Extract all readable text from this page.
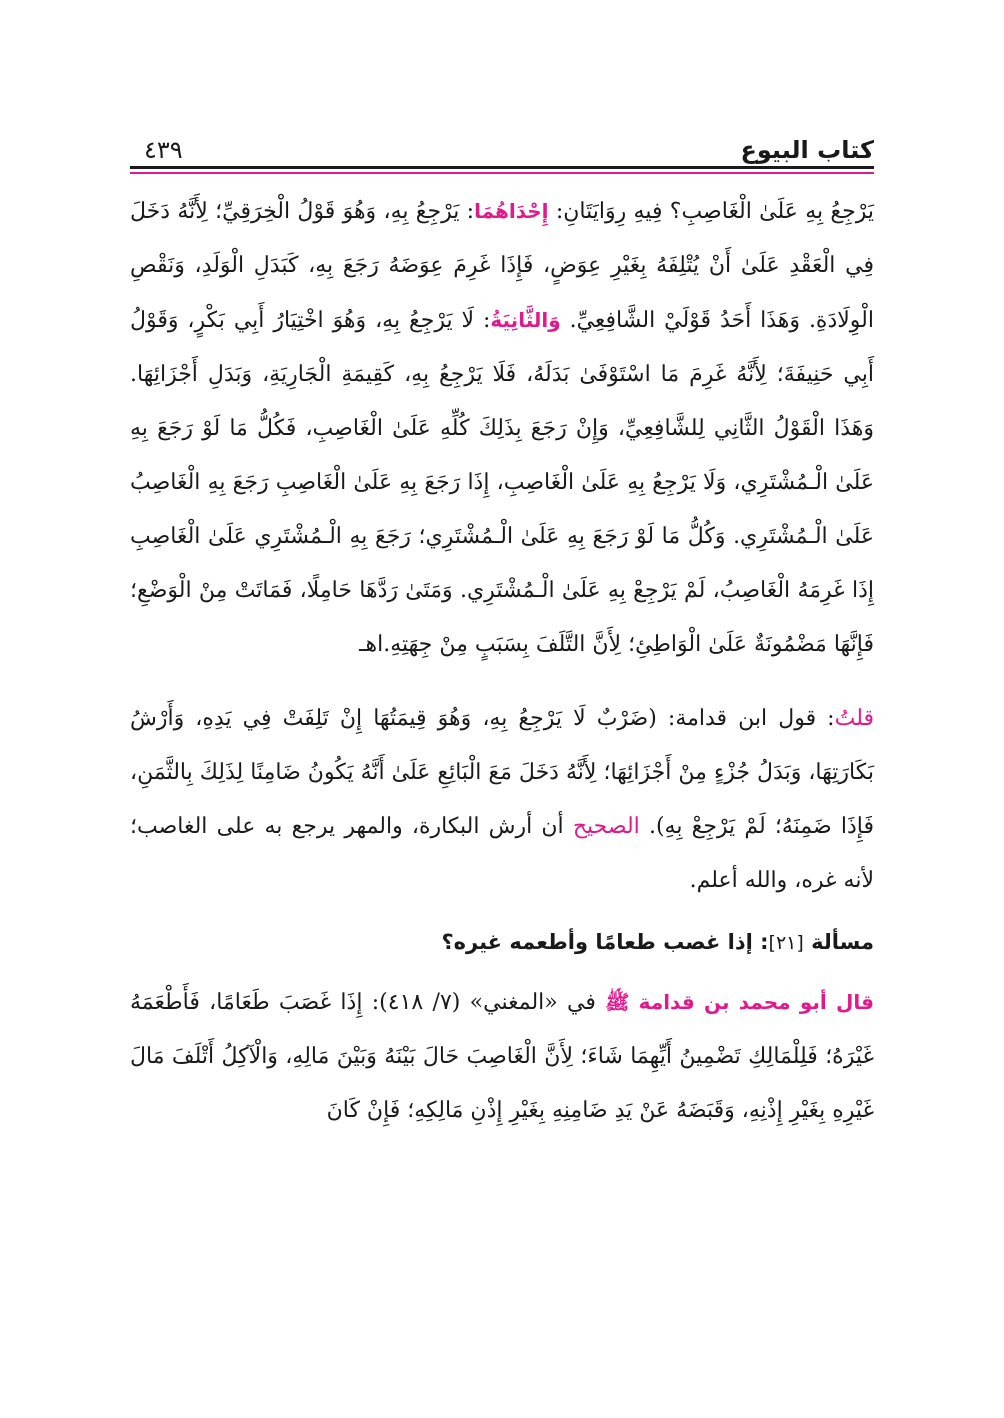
كتاب البيوع
٤٣٩

يَرْجِعُ بِهِ عَلَىٰ الْغَاصِبِ؟ فِيهِ رِوَايَتَانِ: إِحْدَاهُمَا: يَرْجِعُ بِهِ، وَهُوَ قَوْلُ الْخِرَقِيِّ؛ لِأَنَّهُ دَخَلَ فِي الْعَقْدِ عَلَىٰ أَنْ يُتْلِفَهُ بِغَيْرِ عِوَضٍ، فَإِذَا غَرِمَ عِوَضَهُ رَجَعَ بِهِ، كَبَدَلِ الْوَلَدِ، وَنَقْصِ الْوِلَادَةِ. وَهَذَا أَحَدُ قَوْلَيْ الشَّافِعِيِّ. وَالثَّانِيَةُ: لَا يَرْجِعُ بِهِ، وَهُوَ اخْتِيَارُ أَبِي بَكْرٍ، وَقَوْلُ أَبِي حَنِيفَةَ؛ لِأَنَّهُ غَرِمَ مَا اسْتَوْفَىٰ بَدَلَهُ، فَلَا يَرْجِعُ بِهِ، كَقِيمَةِ الْجَارِيَةِ، وَبَدَلِ أَجْزَائِهَا. وَهَذَا الْقَوْلُ الثَّانِي لِلشَّافِعِيِّ، وَإِنْ رَجَعَ بِذَلِكَ كُلِّهِ عَلَىٰ الْغَاصِبِ، فَكُلُّ مَا لَوْ رَجَعَ بِهِ عَلَىٰ الْـمُشْتَرِي، وَلَا يَرْجِعُ بِهِ عَلَىٰ الْغَاصِبِ، إِذَا رَجَعَ بِهِ عَلَىٰ الْغَاصِبِ رَجَعَ بِهِ الْغَاصِبُ عَلَىٰ الْـمُشْتَرِي. وَكُلُّ مَا لَوْ رَجَعَ بِهِ عَلَىٰ الْـمُشْتَرِي؛ رَجَعَ بِهِ الْـمُشْتَرِي عَلَىٰ الْغَاصِبِ إِذَا غَرِمَهُ الْغَاصِبُ، لَمْ يَرْجِعْ بِهِ عَلَىٰ الْـمُشْتَرِي. وَمَتَىٰ رَدَّهَا حَامِلًا، فَمَاتَتْ مِنْ الْوَضْعِ؛ فَإِنَّهَا مَضْمُونَةٌ عَلَىٰ الْوَاطِئِ؛ لِأَنَّ التَّلَفَ بِسَبَبٍ مِنْ جِهَتِهِ.اهـ

قلتُ: قول ابن قدامة: (ضَرْبٌ لَا يَرْجِعُ بِهِ، وَهُوَ قِيمَتُهَا إِنْ تَلِفَتْ فِي يَدِهِ، وَأَرْشُ بَكَارَتِهَا، وَبَدَلُ جُزْءٍ مِنْ أَجْزَائِهَا؛ لِأَنَّهُ دَخَلَ مَعَ الْبَائِعِ عَلَىٰ أَنَّهُ يَكُونُ ضَامِنًا لِذَلِكَ بِالثَّمَنِ، فَإِذَا ضَمِنَهُ؛ لَمْ يَرْجِعْ بِهِ). الصحيح أن أرش البكارة، والمهر يرجع به على الغاصب؛ لأنه غره، والله أعلم.

مسألة [٢١]: إذا غصب طعامًا وأطعمه غيره؟

قال أبو محمد بن قدامة ﷺ في «المغني» (٧/ ٤١٨): إِذَا غَصَبَ طَعَامًا، فَأَطْعَمَهُ غَيْرَهُ؛ فَلِلْمَالِكِ تَضْمِينُ أَيِّهِمَا شَاءَ؛ لِأَنَّ الْغَاصِبَ حَالَ بَيْنَهُ وَبَيْنَ مَالِهِ، وَالْآكِلُ أَتْلَفَ مَالَ غَيْرِهِ بِغَيْرِ إِذْنِهِ، وَقَبَضَهُ عَنْ يَدِ ضَامِنِهِ بِغَيْرِ إِذْنِ مَالِكِهِ؛ فَإِنْ كَانَ
